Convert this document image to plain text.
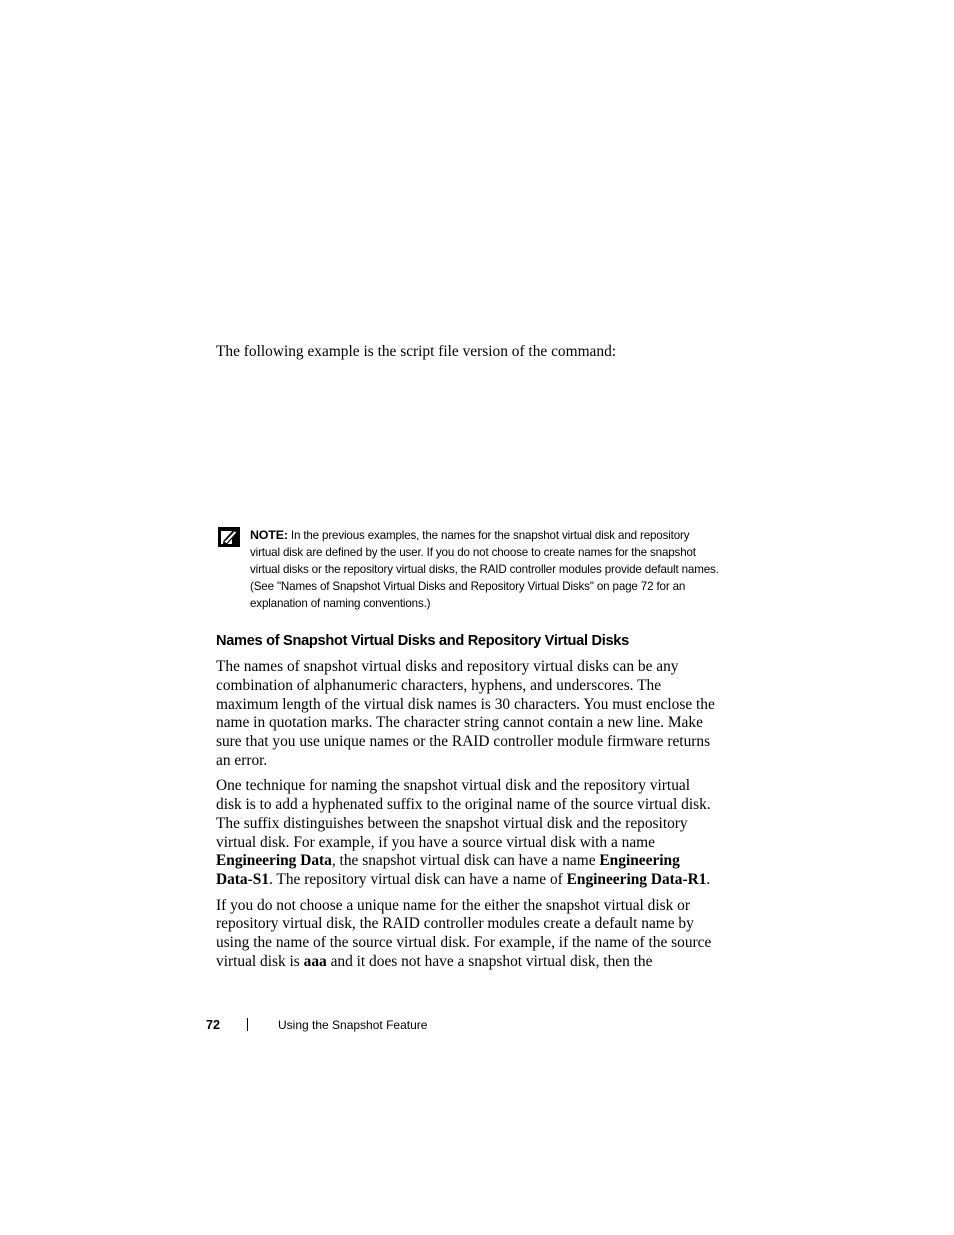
The following example is the script file version of the command:

NOTE: In the previous examples, the names for the snapshot virtual disk and repository virtual disk are defined by the user. If you do not choose to create names for the snapshot virtual disks or the repository virtual disks, the RAID controller modules provide default names. (See "Names of Snapshot Virtual Disks and Repository Virtual Disks" on page 72 for an explanation of naming conventions.)

Names of Snapshot Virtual Disks and Repository Virtual Disks

The names of snapshot virtual disks and repository virtual disks can be any combination of alphanumeric characters, hyphens, and underscores. The maximum length of the virtual disk names is 30 characters. You must enclose the name in quotation marks. The character string cannot contain a new line. Make sure that you use unique names or the RAID controller module firmware returns an error.

One technique for naming the snapshot virtual disk and the repository virtual disk is to add a hyphenated suffix to the original name of the source virtual disk. The suffix distinguishes between the snapshot virtual disk and the repository virtual disk. For example, if you have a source virtual disk with a name Engineering Data, the snapshot virtual disk can have a name Engineering Data-S1. The repository virtual disk can have a name of Engineering Data-R1.

If you do not choose a unique name for the either the snapshot virtual disk or repository virtual disk, the RAID controller modules create a default name by using the name of the source virtual disk. For example, if the name of the source virtual disk is aaa and it does not have a snapshot virtual disk, then the

72	Using the Snapshot Feature
